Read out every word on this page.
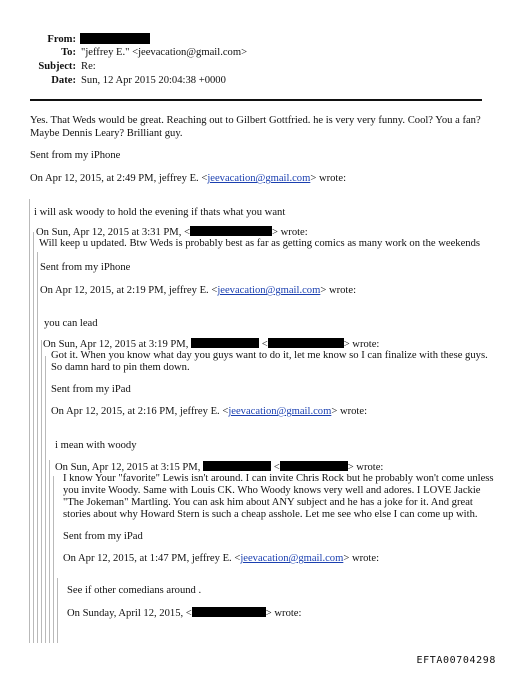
From:
To: "jeffrey E." <jeevacation@gmail.com>
Subject: Re:
Date: Sun, 12 Apr 2015 20:04:38 +0000
Yes. That Weds would be great. Reaching out to Gilbert Gottfried. he is very very funny. Cool? You a fan?
Maybe Dennis Leary? Brilliant guy.
Sent from my iPhone
On Apr 12, 2015, at 2:49 PM, jeffrey E. <jeevacation@gmail.com> wrote:
i will ask woody to hold the evening if thats what you want
On Sun, Apr 12, 2015 at 3:31 PM, <	> wrote:
Will keep u updated. Btw Weds is probably best as far as getting comics as many work on the weekends
Sent from my iPhone
On Apr 12, 2015, at 2:19 PM, jeffrey E. <jeevacation@gmail.com> wrote:
you can lead
On Sun, Apr 12, 2015 at 3:19 PM,	<	> wrote:
Got it. When you know what day you guys want to do it, let me know so I can finalize with these guys.
So damn hard to pin them down.
Sent from my iPad
On Apr 12, 2015, at 2:16 PM, jeffrey E. <jeevacation@gmail.com> wrote:
i mean with woody
On Sun, Apr 12, 2015 at 3:15 PM,	<	> wrote:
I know Your "favorite" Lewis isn't around. I can invite Chris Rock but he probably won't come unless
you invite Woody. Same with Louis CK. Who Woody knows very well and adores. I LOVE Jackie
"The Jokeman" Martling. You can ask him about ANY subject and he has a joke for it. And great
stories about why Howard Stern is such a cheap asshole. Let me see who else I can come up with.
Sent from my iPad
On Apr 12, 2015, at 1:47 PM, jeffrey E. <jeevacation@gmail.com> wrote:
See if other comedians around .
On Sunday, April 12, 2015, <	> wrote:
EFTA00704298
